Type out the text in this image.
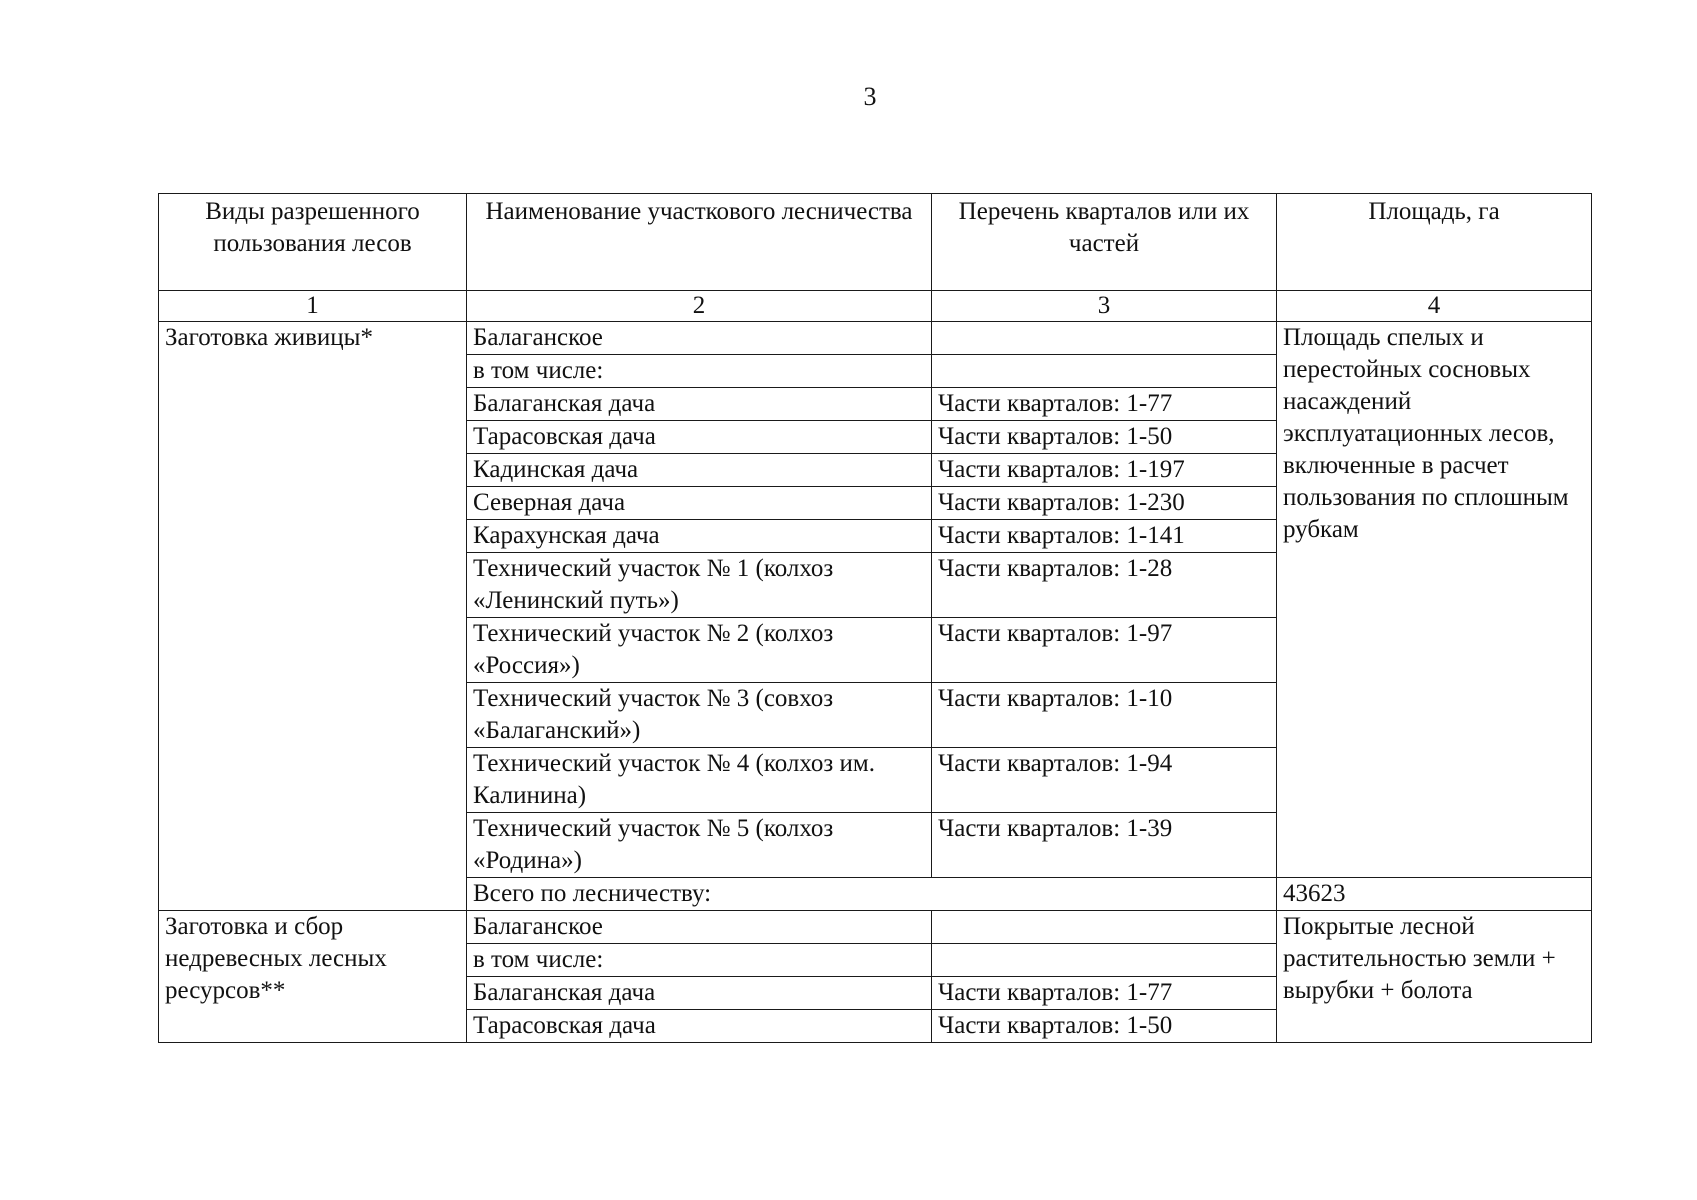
3
Виды разрешенного пользования лесов	Наименование участкового лесничества	Перечень кварталов или их частей	Площадь, га
1	2	3	4
Заготовка живицы*	Балаганское		Площадь спелых и перестойных сосновых насаждений эксплуатационных лесов, включенные в расчет пользования по сплошным рубкам
	в том числе:		
	Балаганская дача	Части кварталов: 1-77	
	Тарасовская дача	Части кварталов: 1-50	
	Кадинская дача	Части кварталов: 1-197	
	Северная дача	Части кварталов: 1-230	
	Карахунская дача	Части кварталов: 1-141	
	Технический участок № 1 (колхоз «Ленинский путь»)	Части кварталов: 1-28	
	Технический участок № 2 (колхоз «Россия»)	Части кварталов: 1-97	
	Технический участок № 3 (совхоз «Балаганский»)	Части кварталов: 1-10	
	Технический участок № 4 (колхоз им. Калинина)	Части кварталов: 1-94	
	Технический участок № 5 (колхоз «Родина»)	Части кварталов: 1-39	
	Всего по лесничеству:		43623
Заготовка и сбор недревесных лесных ресурсов**	Балаганское		Покрытые лесной растительностью земли + вырубки + болота
	в том числе:		
	Балаганская дача	Части кварталов: 1-77	
	Тарасовская дача	Части кварталов: 1-50	
